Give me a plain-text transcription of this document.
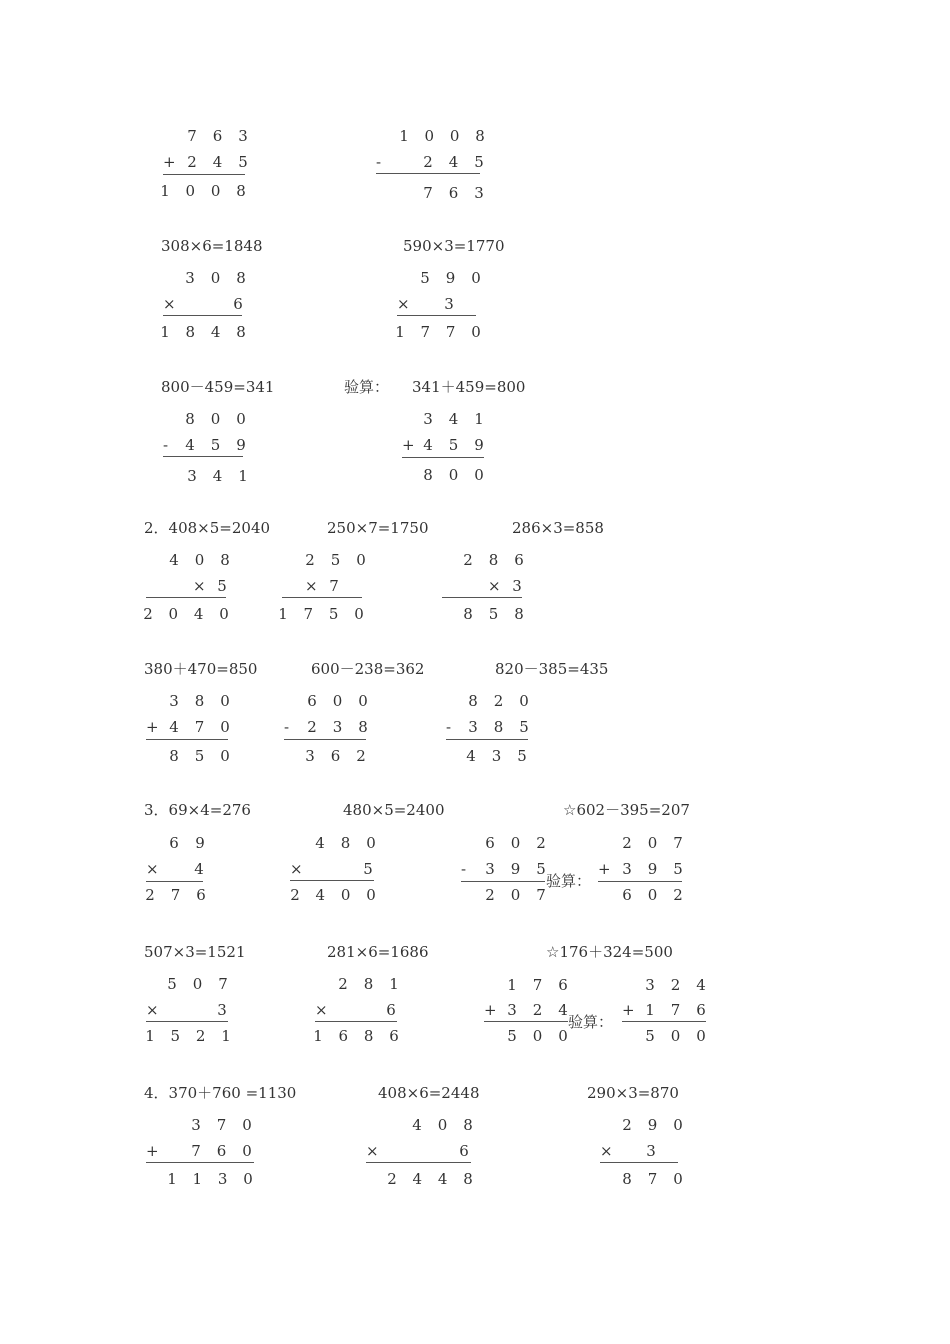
7 6 3
+ 2 4 5
1 0 0 8
1 0 0 8
-	2 4 5
7 6 3
308×6=1848	590×3=1770
3 0 8
×	6
1 8 4 8
5 9 0
× 3
1 7 7 0
800－459=341	验算： 341＋459=800
8 0 0
- 4 5 9
3 4 1
3 4 1
+ 4 5 9
8 0 0
2．408×5=2040	250×7=1750	286×3=858
4 0 8
× 5
2 0 4 0
2 5 0
× 7
1 7 5 0
2 8 6
× 3
8 5 8
380＋470=850	600－238=362	820－385=435
3 8 0
+ 4 7 0
8 5 0
6 0 0
- 2 3 8
3 6 2
8 2 0
- 3 8 5
4 3 5
3．69×4=276	480×5=2400	☆602－395=207
6 9
× 4
2 7 6
4 8 0
×	5
2 4 0 0
6 0 2
- 3 9 5
2 0 7
验算：
2 0 7
+ 3 9 5
6 0 2
507×3=1521	281×6=1686	☆176＋324=500
5 0 7
×	3
1 5 2 1
2 8 1
×	6
1 6 8 6
1 7 6
+ 3 2 4
5 0 0
验算：
3 2 4
+ 1 7 6
5 0 0
4．370＋760 =1130	408×6=2448	290×3=870
3 7 0
+ 7 6 0
1 1 3 0
4 0 8
×	6
2 4 4 8
2 9 0
× 3
8 7 0
